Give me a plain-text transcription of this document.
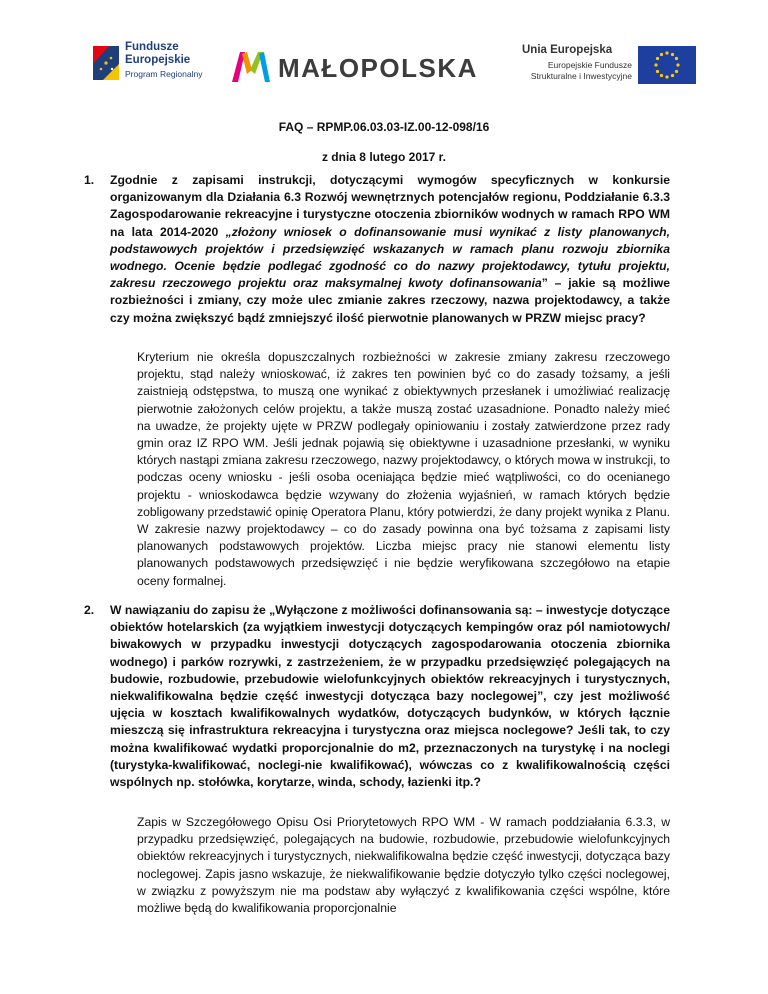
Fundusze
Europejskie
Program Regionalny	MAŁOPOLSKA
Unia Europejska
Europejskie Fundusze
Strukturalne i Inwestycyjne
FAQ – RPMP.06.03.03-IZ.00-12-098/16
z dnia 8 lutego 2017 r.
1. Zgodnie z zapisami instrukcji, dotyczącymi wymogów specyficznych w konkursie organizowanym dla Działania 6.3 Rozwój wewnętrznych potencjałów regionu, Poddziałanie 6.3.3 Zagospodarowanie rekreacyjne i turystyczne otoczenia zbiorników wodnych w ramach RPO WM na lata 2014-2020 „złożony wniosek o dofinansowanie musi wynikać z listy planowanych, podstawowych projektów i przedsięwzięć wskazanych w ramach planu rozwoju zbiornika wodnego. Ocenie będzie podlegać zgodność co do nazwy projektodawcy, tytułu projektu, zakresu rzeczowego projektu oraz maksymalnej kwoty dofinansowania” – jakie są możliwe rozbieżności i zmiany, czy może ulec zmianie zakres rzeczowy, nazwa projektodawcy, a także czy można zwiększyć bądź zmniejszyć ilość pierwotnie planowanych w PRZW miejsc pracy?
Kryterium nie określa dopuszczalnych rozbieżności w zakresie zmiany zakresu rzeczowego projektu, stąd należy wnioskować, iż zakres ten powinien być co do zasady tożsamy, a jeśli zaistnieją odstępstwa, to muszą one wynikać z obiektywnych przesłanek i umożliwiać realizację pierwotnie założonych celów projektu, a także muszą zostać uzasadnione. Ponadto należy mieć na uwadze, że projekty ujęte w PRZW podlegały opiniowaniu i zostały zatwierdzone przez rady gmin oraz IZ RPO WM. Jeśli jednak pojawią się obiektywne i uzasadnione przesłanki, w wyniku których nastąpi zmiana zakresu rzeczowego, nazwy projektodawcy, o których mowa w instrukcji, to podczas oceny wniosku - jeśli osoba oceniająca będzie mieć wątpliwości, co do ocenianego projektu - wnioskodawca będzie wzywany do złożenia wyjaśnień, w ramach których będzie zobligowany przedstawić opinię Operatora Planu, który potwierdzi, że dany projekt wynika z Planu. W zakresie nazwy projektodawcy – co do zasady powinna ona być tożsama z zapisami listy planowanych podstawowych projektów. Liczba miejsc pracy nie stanowi elementu listy planowanych podstawowych przedsięwzięć i nie będzie weryfikowana szczegółowo na etapie oceny formalnej.
2. W nawiązaniu do zapisu że „Wyłączone z możliwości dofinansowania są: – inwestycje dotyczące obiektów hotelarskich (za wyjątkiem inwestycji dotyczących kempingów oraz pól namiotowych/ biwakowych w przypadku inwestycji dotyczących zagospodarowania otoczenia zbiornika wodnego) i parków rozrywki, z zastrzeżeniem, że w przypadku przedsięwzięć polegających na budowie, rozbudowie, przebudowie wielofunkcyjnych obiektów rekreacyjnych i turystycznych, niekwalifikowalna będzie część inwestycji dotycząca bazy noclegowej”, czy jest możliwość ujęcia w kosztach kwalifikowalnych wydatków, dotyczących budynków, w których łącznie mieszczą się infrastruktura rekreacyjna i turystyczna oraz miejsca noclegowe? Jeśli tak, to czy można kwalifikować wydatki proporcjonalnie do m2, przeznaczonych na turystykę i na noclegi (turystyka-kwalifikować, noclegi-nie kwalifikować), wówczas co z kwalifikowalnością części wspólnych np. stołówka, korytarze, winda, schody, łazienki itp.?
Zapis w Szczegółowego Opisu Osi Priorytetowych RPO WM - W ramach poddziałania 6.3.3, w przypadku przedsięwzięć, polegających na budowie, rozbudowie, przebudowie wielofunkcyjnych obiektów rekreacyjnych i turystycznych, niekwalifikowalna będzie część inwestycji, dotycząca bazy noclegowej. Zapis jasno wskazuje, że niekwalifikowanie będzie dotyczyło tylko części noclegowej, w związku z powyższym nie ma podstaw aby wyłączyć z kwalifikowania części wspólne, które możliwe będą do kwalifikowania proporcjonalnie
